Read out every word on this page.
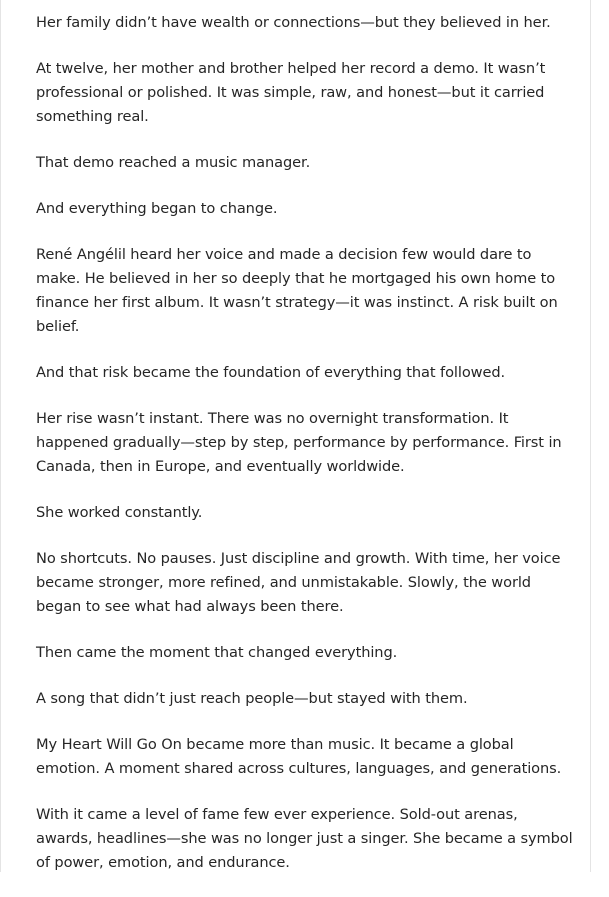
Her family didn’t have wealth or connections—but they believed in her.

At twelve, her mother and brother helped her record a demo. It wasn’t professional or polished. It was simple, raw, and honest—but it carried something real.

That demo reached a music manager.

And everything began to change.

René Angélil heard her voice and made a decision few would dare to make. He believed in her so deeply that he mortgaged his own home to finance her first album. It wasn’t strategy—it was instinct. A risk built on belief.

And that risk became the foundation of everything that followed.

Her rise wasn’t instant. There was no overnight transformation. It happened gradually—step by step, performance by performance. First in Canada, then in Europe, and eventually worldwide.

She worked constantly.

No shortcuts. No pauses. Just discipline and growth. With time, her voice became stronger, more refined, and unmistakable. Slowly, the world began to see what had always been there.

Then came the moment that changed everything.

A song that didn’t just reach people—but stayed with them.

My Heart Will Go On became more than music. It became a global emotion. A moment shared across cultures, languages, and generations.

With it came a level of fame few ever experience. Sold-out arenas, awards, headlines—she was no longer just a singer. She became a symbol of power, emotion, and endurance.
